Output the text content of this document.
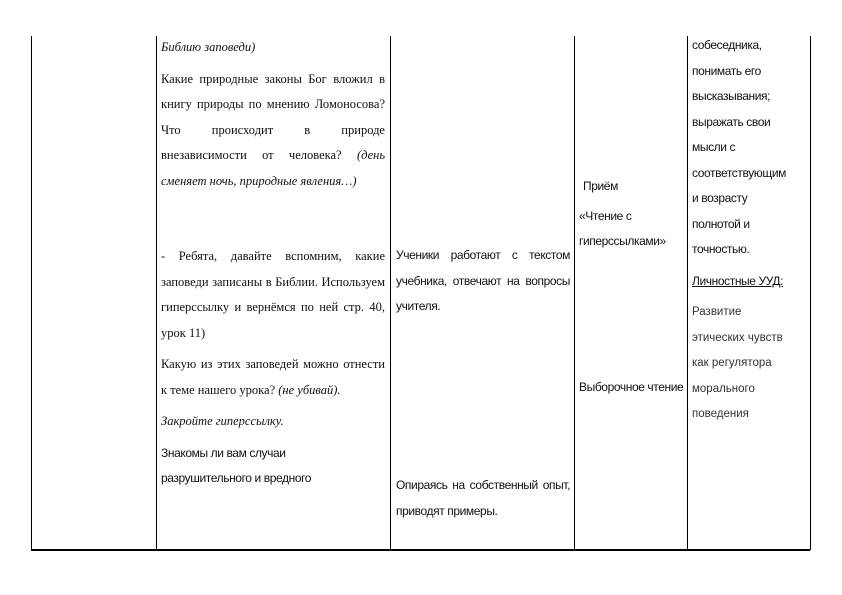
Библию заповеди)

Какие природные законы Бог вложил в книгу природы по мнению Ломоносова? Что происходит в природе внезависимости от человека? (день сменяет ночь, природные явления…)

- Ребята, давайте вспомним, какие заповеди записаны в Библии. Используем гиперссылку и вернёмся по ней стр. 40, урок 11)

Какую из этих заповедей можно отнести к теме нашего урока? (не убивай).

Закройте гиперссылку.

Знакомы ли вам случаи

разрушительного и вредного

Ученики работают с текстом учебника, отвечают на вопросы учителя.

Опираясь на собственный опыт, приводят примеры.

Приём

«Чтение с гиперссылками»

Выборочное чтение

собеседника,

понимать его

высказывания;

выражать свои

мысли с

соответствующим

и возрасту

полнотой и

точностью.

Личностные УУД:

Развитие

этических чувств

как регулятора

морального

поведения
